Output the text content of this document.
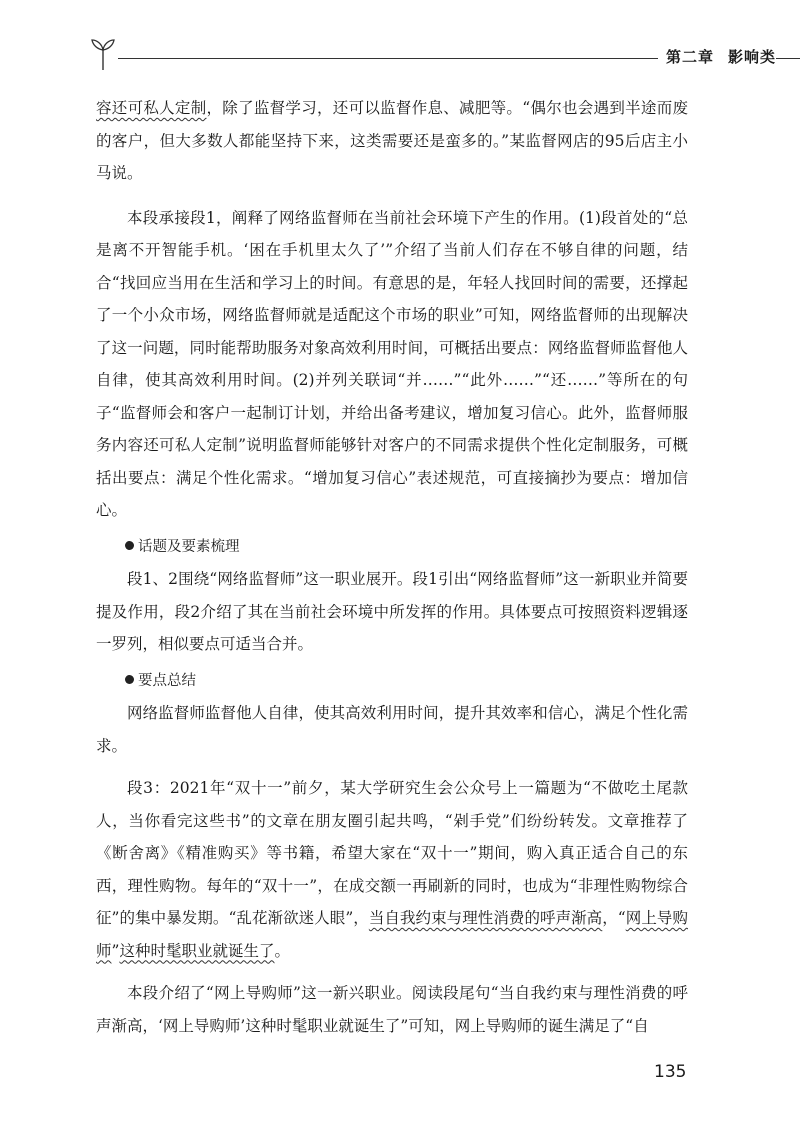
第二章 影响类

容还可私人定制，除了监督学习，还可以监督作息、减肥等。“偶尔也会遇到半途而废的客户，但大多数人都能坚持下来，这类需要还是蛮多的。”某监督网店的95后店主小马说。

本段承接段1，阐释了网络监督师在当前社会环境下产生的作用。(1)段首处的“总是离不开智能手机。‘困在手机里太久了’”介绍了当前人们存在不够自律的问题，结合“找回应当用在生活和学习上的时间。有意思的是，年轻人找回时间的需要，还撑起了一个小众市场，网络监督师就是适配这个市场的职业”可知，网络监督师的出现解决了这一问题，同时能帮助服务对象高效利用时间，可概括出要点：网络监督师监督他人自律，使其高效利用时间。(2)并列关联词“并……”“此外……”“还……”等所在的句子“监督师会和客户一起制订计划，并给出备考建议，增加复习信心。此外，监督师服务内容还可私人定制”说明监督师能够针对客户的不同需求提供个性化定制服务，可概括出要点：满足个性化需求。“增加复习信心”表述规范，可直接摘抄为要点：增加信心。

话题及要素梳理

段1、2围绕“网络监督师”这一职业展开。段1引出“网络监督师”这一新职业并简要提及作用，段2介绍了其在当前社会环境中所发挥的作用。具体要点可按照资料逻辑逐一罗列，相似要点可适当合并。

要点总结

网络监督师监督他人自律，使其高效利用时间，提升其效率和信心，满足个性化需求。

段3：2021年“双十一”前夕，某大学研究生会公众号上一篇题为“不做吃土尾款人，当你看完这些书”的文章在朋友圈引起共鸣，“剁手党”们纷纷转发。文章推荐了《断舍离》《精准购买》等书籍，希望大家在“双十一”期间，购入真正适合自己的东西，理性购物。每年的“双十一”，在成交额一再刷新的同时，也成为“非理性购物综合征”的集中暴发期。“乱花渐欲迷人眼”，当自我约束与理性消费的呼声渐高，“网上导购师”这种时髦职业就诞生了。

本段介绍了“网上导购师”这一新兴职业。阅读段尾句“当自我约束与理性消费的呼声渐高，‘网上导购师’这种时髦职业就诞生了”可知，网上导购师的诞生满足了“自

135
